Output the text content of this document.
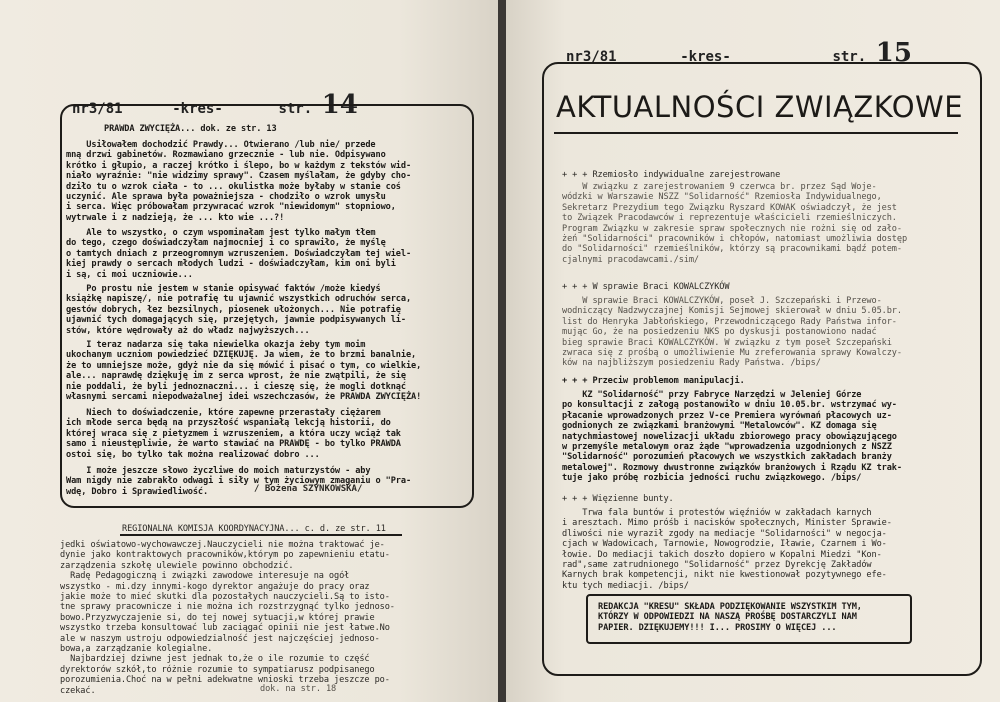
nr3/81	-kres-	str. 14
PRAWDA ZWYCIĘŻA... dok. ze str. 13
Usiłowałem dochodzić Prawdy... Otwierano /lub nie/ przede
mną drzwi gabinetów. Rozmawiano grzecznie - lub nie. Odpisywano
krótko i głupio, a raczej krótko i ślepo, bo w każdym z tekstów wid-
niało wyraźnie: "nie widzimy sprawy". Czasem myślałam, że gdyby cho-
dziło tu o wzrok ciała - to ... okulistka może byłaby w stanie coś
uczynić. Ale sprawa była poważniejsza - chodziło o wzrok umysłu
i serca. Więc próbowałam przywracać wzrok "niewidomym" stopniowo,
wytrwale i z nadzieją, że ... kto wie ...?!
Ale to wszystko, o czym wspominałam jest tylko małym tłem
do tego, czego doświadczyłam najmocniej i co sprawiło, że myślę
o tamtych dniach z przeogromnym wzruszeniem. Doświadczyłam tej wiel-
kiej prawdy o sercach młodych ludzi - doświadczyłam, kim oni byli
i są, ci moi uczniowie...
Po prostu nie jestem w stanie opisywać faktów /może kiedyś
książkę napiszę/, nie potrafię tu ujawnić wszystkich odruchów serca,
gestów dobrych, łez bezsilnych, piosenek ułożonych... Nie potrafię
ujawnić tych domagających się, przejętych, jawnie podpisywanych li-
stów, które wędrowały aż do władz najwyższych...
I teraz nadarza się taka niewielka okazja żeby tym moim
ukochanym uczniom powiedzieć DZIĘKUJĘ. Ja wiem, że to brzmi banalnie,
że to umniejsze może, gdyż nie da się mówić i pisać o tym, co wielkie,
ale... naprawdę dziękuję im z serca wprost, że nie zwątpili, że się
nie poddali, że byli jednoznaczni... i cieszę się, że mogli dotknąć
własnymi sercami niepodważalnej idei wszechczasów, że PRAWDA ZWYCIĘŻA!
Niech to doświadczenie, które zapewne przerastały ciężarem
ich młode serca będą na przyszłość wspaniałą lekcją historii, do
której wraca się z pietyzmem i wzruszeniem, a która uczy wciąż tak
samo i nieustępliwie, że warto stawiać na PRAWDĘ - bo tylko PRAWDA
ostoi się, bo tylko tak można realizować dobro ...
I może jeszcze słowo życzliwe do moich maturzystów - aby
Wam nigdy nie zabrakło odwagi i siły w tym życiowym zmaganiu o "Pra-
wdę, Dobro i Sprawiedliwość.	/ Bożena SZYNKOWSKA/
REGIONALNA KOMISJA KOORDYNACYJNA... c. d. ze str. 11
jedki oświatowo-wychowawczej.Nauczycieli nie można traktować je-
dynie jako kontraktowych pracowników,którym po zapewnieniu etatu-
zarządzenia szkołę ulewiele powinno obchodzić.
Radę Pedagogiczną i związki zawodowe interesuje na ogół
wszystko - mi.dzy innymi-kogo dyrektor angażuje do pracy oraz
jakie może to mieć skutki dla pozostałych nauczycieli.Są to isto-
tne sprawy pracownicze i nie można ich rozstrzygnąć tylko jednoso-
bowo.Przyzwyczajenie si, do tej nowej sytuacji,w której prawie
wszystko trzeba konsultować lub zaciągać opinii nie jest łatwe.No
ale w naszym ustroju odpowiedzialność jest najczęściej jednoso-
bowa,a zarządzanie kolegialne.
Najbardziej dziwne jest jednak to,że o ile rozumie to część
dyrektorów szkół,to różnie rozumie to sympatiarusz podpisanego
porozumienia.Choć na w pełni adekwatne wnioski trzeba jeszcze po-
czekać.	dok. na str. 18
nr3/81	-kres-	str. 15
AKTUALNOŚCI ZWIĄZKOWE
+ + + Rzemiosło indywidualne zarejestrowane
W związku z zarejestrowaniem 9 czerwca br. przez Sąd Woje-
wódzki w Warszawie NSZZ "Solidarność" Rzemiosła Indywidualnego,
Sekretarz Prezydium tego Związku Ryszard KOWAK oświadczył, że jest
to Związek Pracodawców i reprezentuje właścicieli rzemieślniczych.
Program Związku w zakresie spraw społecznych nie rożni się od zało-
żeń "Solidarności" pracowników i chłopów, natomiast umożliwia dostęp
do "Solidarności" rzemieślników, którzy są pracownikami bądź potem-
cjalnymi pracodawcami./sim/
+ + + W sprawie Braci KOWALCZYKÓW
W sprawie Braci KOWALCZYKÓW, poseł J. Szczepański i Przewo-
wodniczący Nadzwyczajnej Komisji Sejmowej skierował w dniu 5.05.br.
list do Henryka Jabłońskiego, Przewodniczącego Rady Państwa infor-
mując Go, że na posiedzeniu NKS po dyskusji postanowiono nadać
bieg sprawie Braci KOWALCZYKÓW. W związku z tym poseł Szczepański
zwraca się z prośbą o umożliwienie Mu zreferowania sprawy Kowalczy-
ków na najbliższym posiedzeniu Rady Państwa. /bips/
+ + + Przeciw problemom manipulacji.
KZ "Solidarność" przy Fabryce Narzędzi w Jeleniej Górze
po konsultacji z załogą postanowiło w dniu 10.05.br. wstrzymać wy-
płacanie wprowadzonych przez V-ce Premiera wyrównań płacowych uz-
godnionych ze związkami branżowymi "Metalowców". KZ domaga się
natychmiastowej nowelizacji układu zbiorowego pracy obowiązującego
w przemyśle metalowym oraz żąde "wprowadzenia uzgodnionych z NSZZ
"Solidarność" porozumień płacowych we wszystkich zakładach branży
metalowej". Rozmowy dwustronne związków branżowych i Rządu KZ trak-
tuje jako próbę rozbicia jedności ruchu związkowego. /bips/
+ + + Więzienne bunty.
Trwa fala buntów i protestów więźniów w zakładach karnych
i aresztach. Mimo próśb i nacisków społecznych, Minister Sprawie-
dliwości nie wyraził zgody na mediacje "Solidarności" w negocja-
cjach w Wadowicach, Tarnowie, Nowogrodzie, Iławie, Czarnem i Wo-
łowie. Do mediacji takich doszło dopiero w Kopalni Miedzi "Kon-
rad",same zatrudnionego "Solidarność" przez Dyrekcję Zakładów
Karnych brak kompetencji, nikt nie kwestionował pozytywnego efe-
ktu tych mediacji. /bips/
REDAKCJA "KRESU" SKŁADA PODZIĘKOWANIE WSZYSTKIM TYM,
KTÓRZY W ODPOWIEDZI NA NASZĄ PROŚBĘ DOSTARCZYLI NAM
PAPIER. DZIĘKUJEMY!!! I... PROSIMY O WIĘCEJ ...
